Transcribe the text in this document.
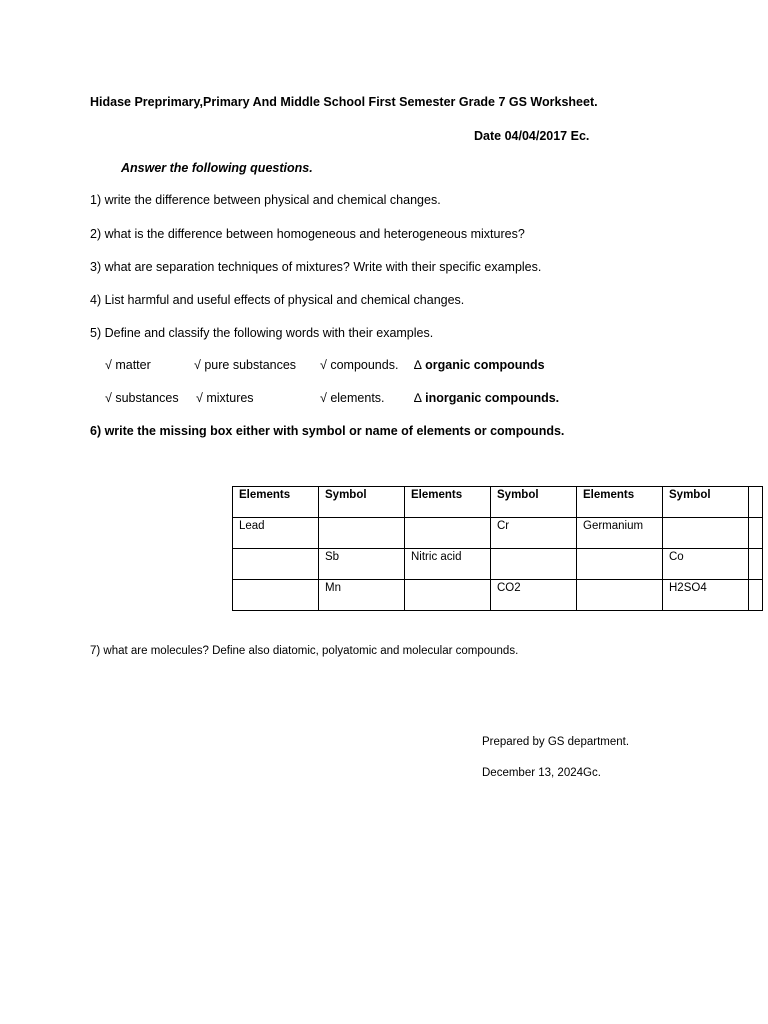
Hidase Preprimary,Primary And Middle School First Semester Grade 7 GS Worksheet.
Date 04/04/2017 Ec.
Answer the following questions.
1) write the difference between physical and chemical changes.
2) what is the difference between homogeneous and heterogeneous mixtures?
3) what are separation techniques of mixtures? Write with their specific examples.
4) List harmful and useful effects of physical and chemical changes.
5) Define and classify the following words with their examples.
√ matter	√ pure substances √ compounds. ∆ organic compounds
√ substances √ mixtures	√ elements. ∆ inorganic compounds.
6) write the missing box either with symbol or name of elements or compounds.
Elements	Symbol	Elements	Symbol	Elements	Symbol	
Lead			Cr	Germanium		
	Sb	Nitric acid			Co	
	Mn		CO2		H2SO4	
7) what are molecules? Define also diatomic, polyatomic and molecular compounds.
Prepared by GS department.
December 13, 2024Gc.
